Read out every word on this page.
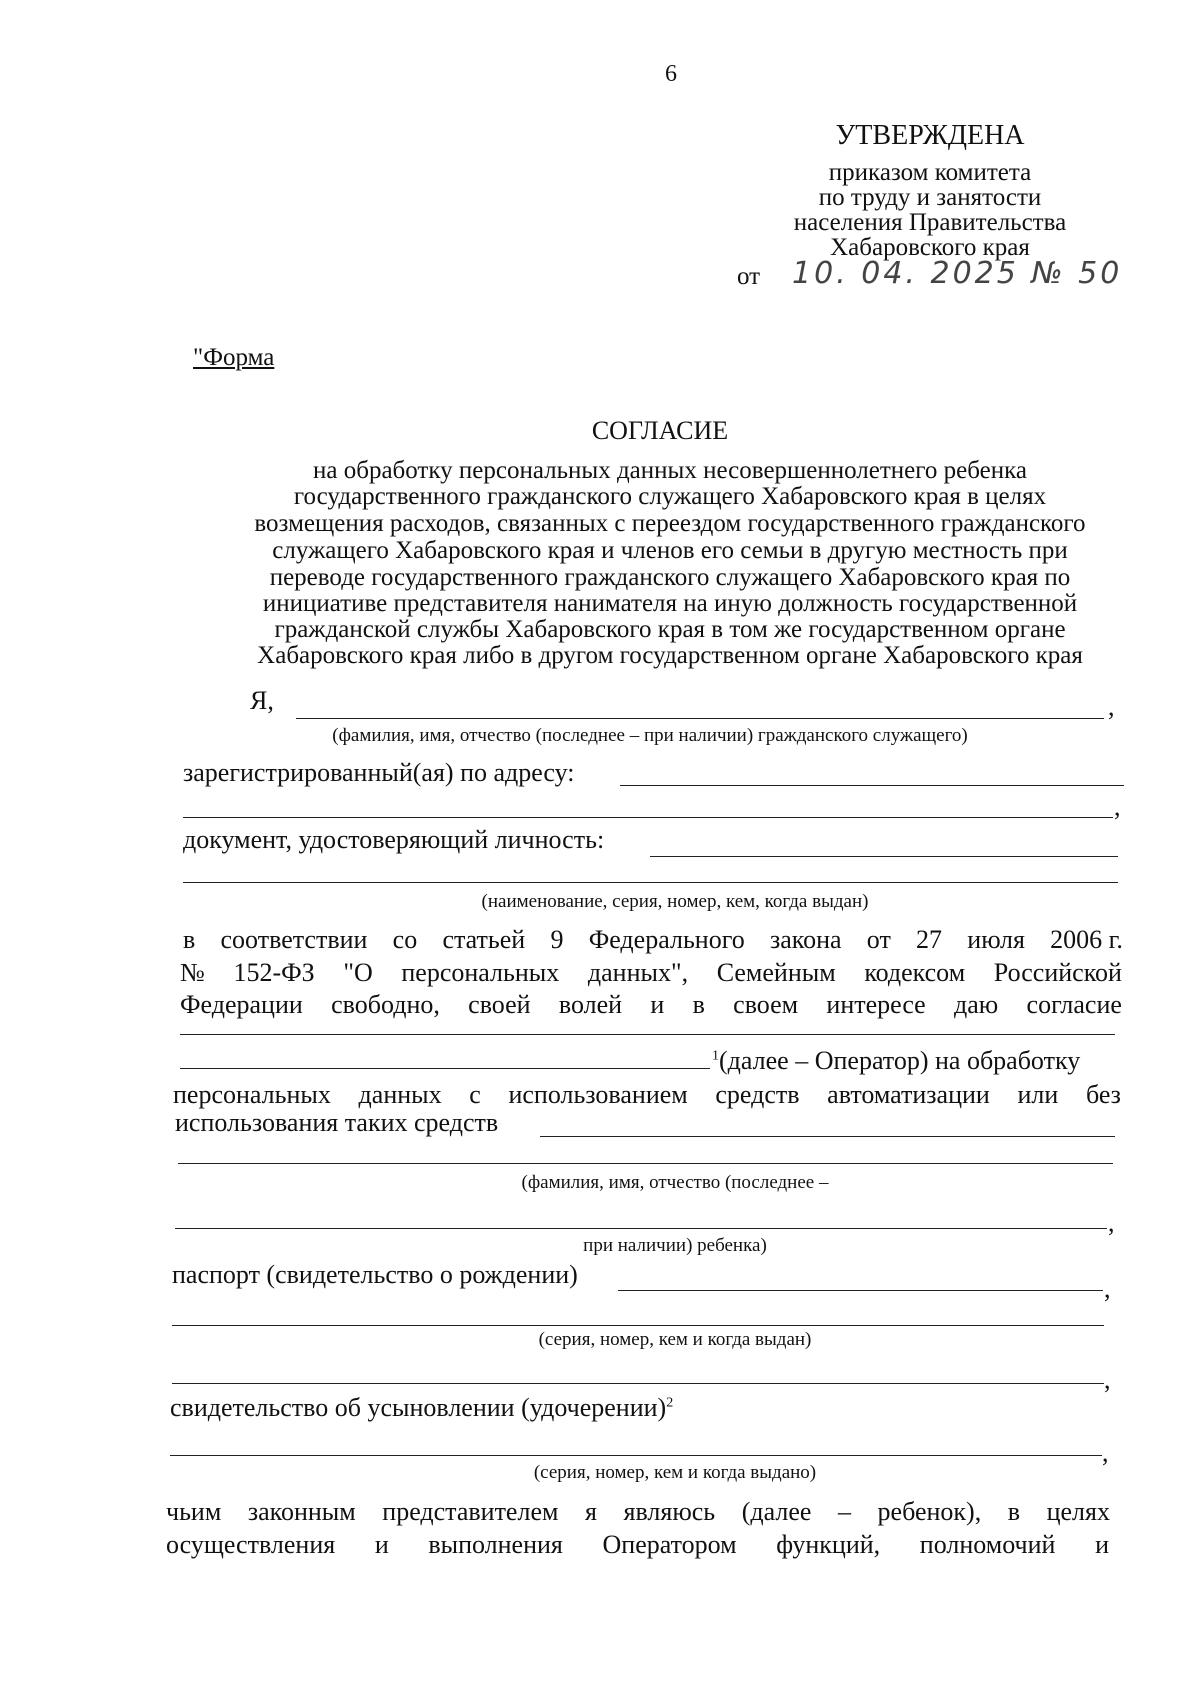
6
УТВЕРЖДЕНА
приказом комитета
по труду и занятости
населения Правительства
Хабаровского края
от 10. 04. 2025 № 50
"Форма
СОГЛАСИЕ
на обработку персональных данных несовершеннолетнего ребенка
государственного гражданского служащего Хабаровского края в целях
возмещения расходов, связанных с переездом государственного гражданского
служащего Хабаровского края и членов его семьи в другую местность при
переводе государственного гражданского служащего Хабаровского края по
инициативе представителя нанимателя на иную должность государственной
гражданской службы Хабаровского края в том же государственном органе
Хабаровского края либо в другом государственном органе Хабаровского края
Я,	,
(фамилия, имя, отчество (последнее – при наличии) гражданского служащего)
зарегистрированный(ая) по адресу:
,
документ, удостоверяющий личность:
(наименование, серия, номер, кем, когда выдан)
в соответствии со статьей 9 Федерального закона от 27 июля 2006 г.
№ 152-ФЗ "О персональных данных", Семейным кодексом Российской
Федерации свободно, своей волей и в своем интересе даю согласие
$^1$(далее – Оператор) на обработку
персональных данных с использованием средств автоматизации или без
использования таких средств
(фамилия, имя, отчество (последнее –
,
при наличии) ребенка)
паспорт (свидетельство о рождении)	,
(серия, номер, кем и когда выдан)
,
свидетельство об усыновлении (удочерении)$^2$
,
(серия, номер, кем и когда выдано)
чьим законным представителем я являюсь (далее – ребенок), в целях
осуществления и выполнения Оператором функций, полномочий и
